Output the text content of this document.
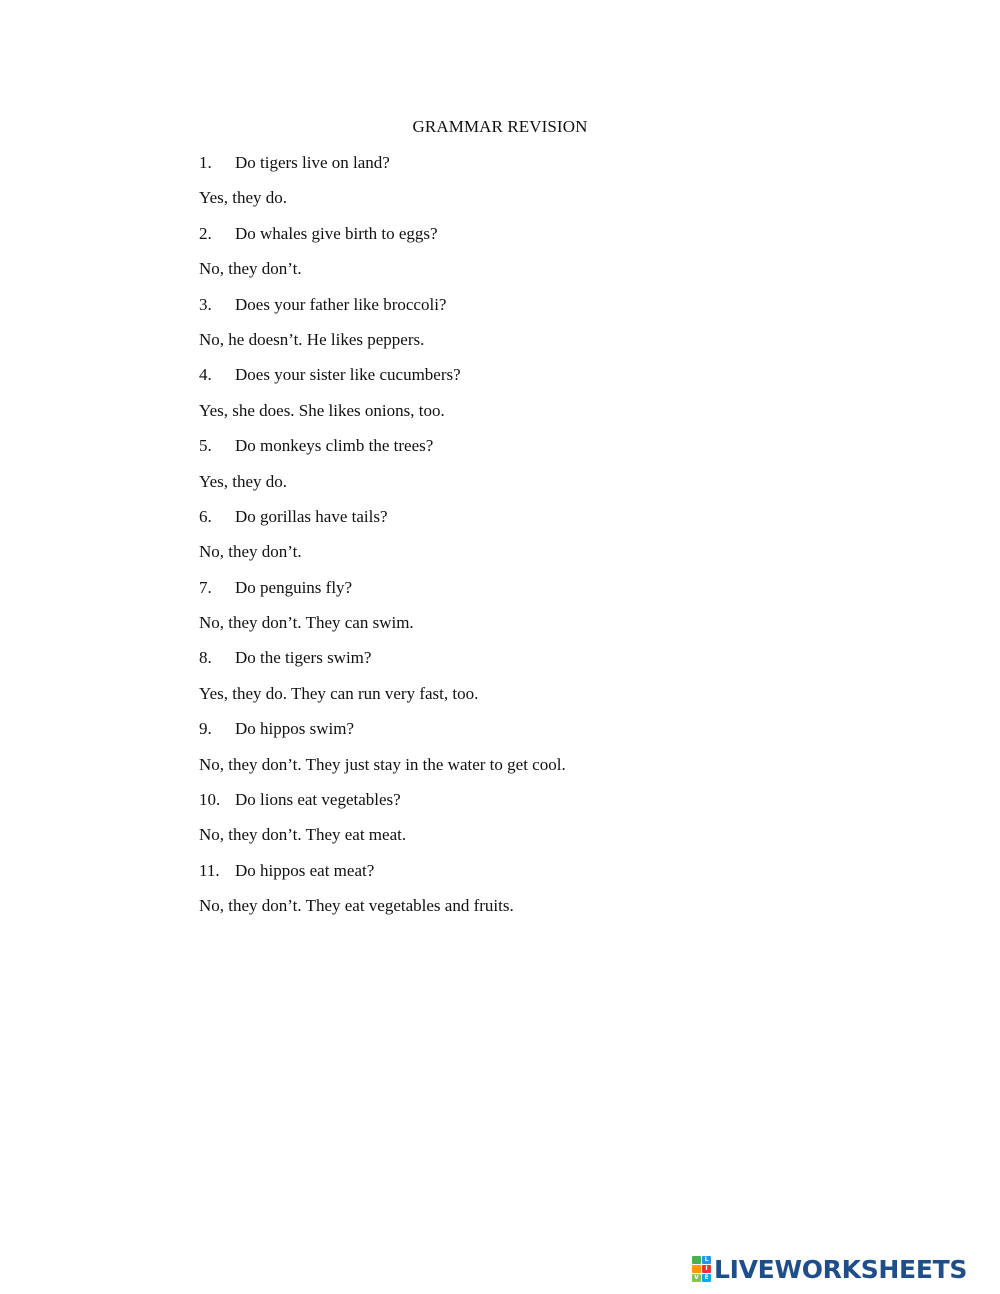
GRAMMAR REVISION
1. Do tigers live on land?
Yes, they do.
2. Do whales give birth to eggs?
No, they don’t.
3. Does your father like broccoli?
No, he doesn’t. He likes peppers.
4. Does your sister like cucumbers?
Yes, she does. She likes onions, too.
5. Do monkeys climb the trees?
Yes, they do.
6. Do gorillas have tails?
No, they don’t.
7. Do penguins fly?
No, they don’t. They can swim.
8. Do the tigers swim?
Yes, they do. They can run very fast, too.
9. Do hippos swim?
No, they don’t. They just stay in the water to get cool.
10. Do lions eat vegetables?
No, they don’t. They eat meat.
11. Do hippos eat meat?
No, they don’t. They eat vegetables and fruits.
L
I
V E LIVEWORKSHEETS
